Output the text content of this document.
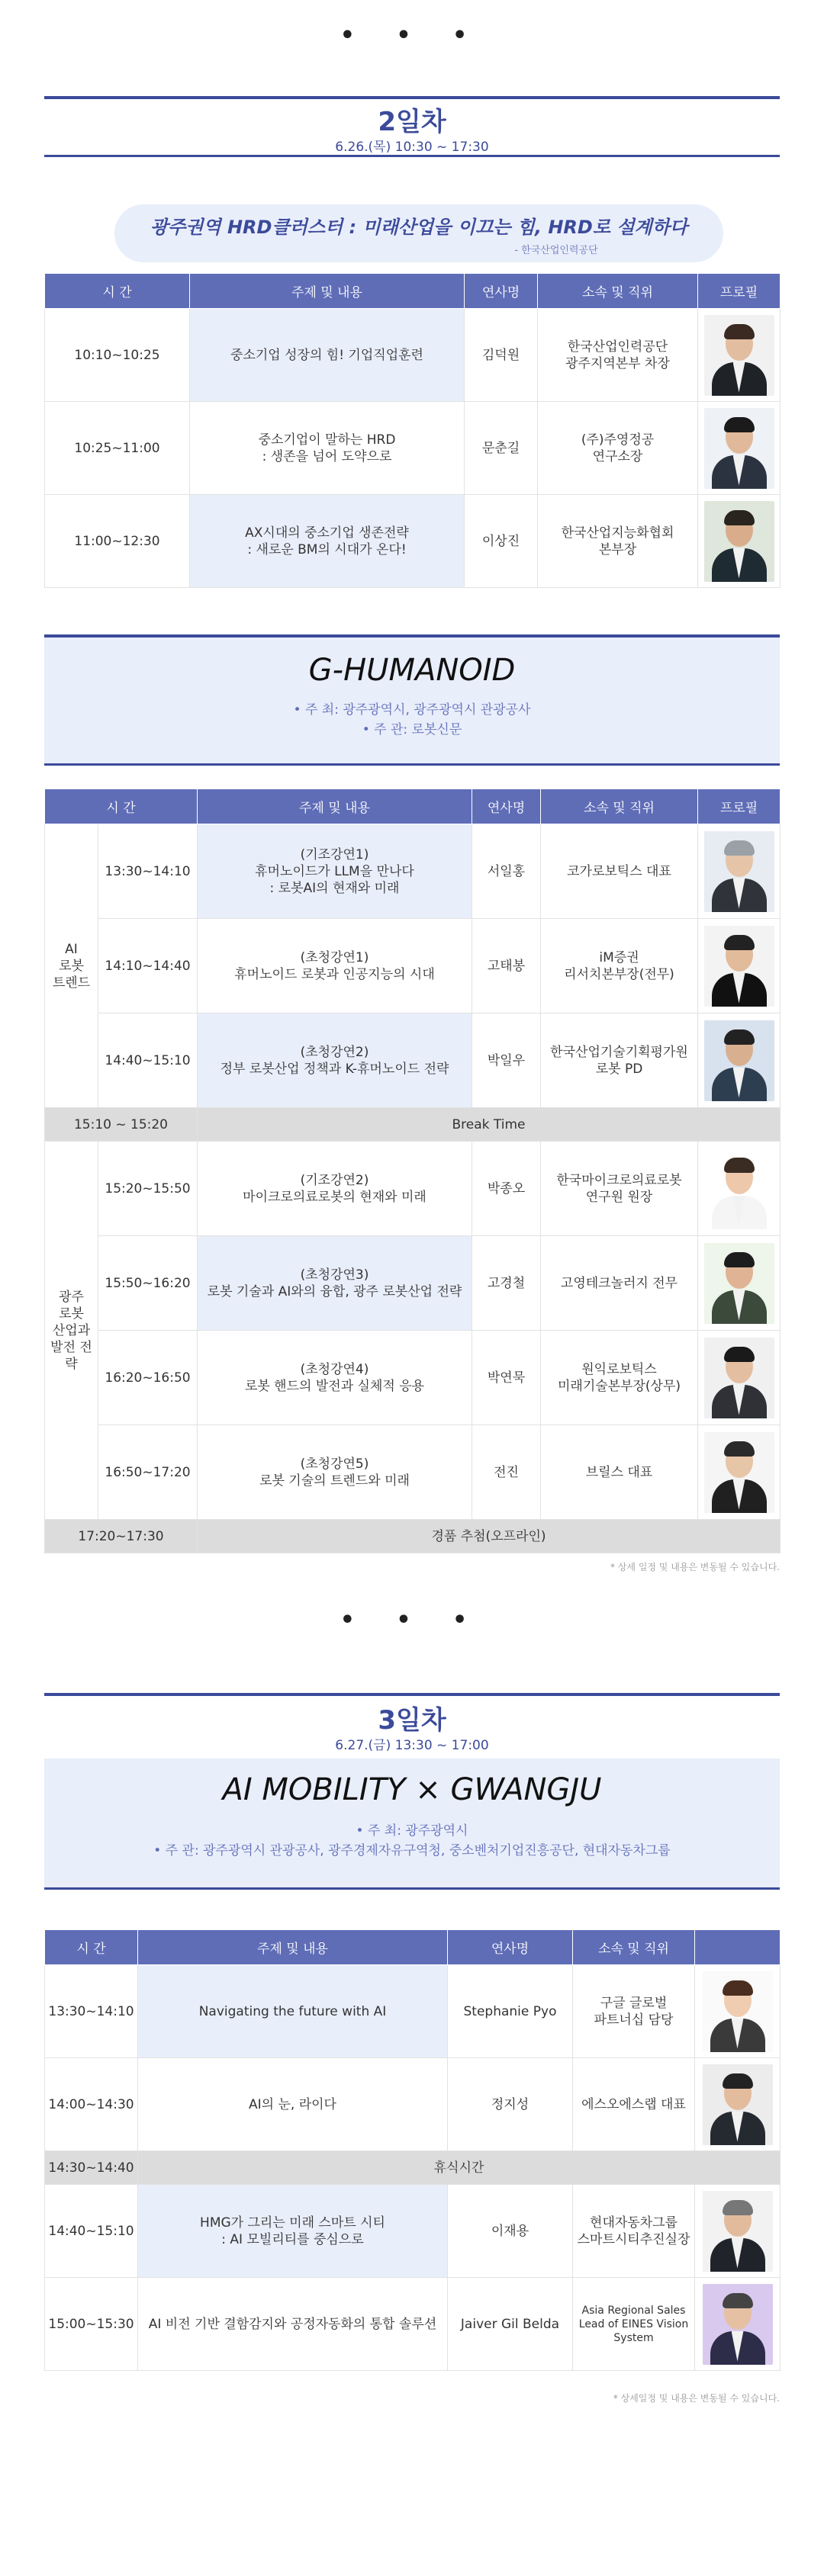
• • •
2일차
6.26.(목) 10:30 ~ 17:30
광주권역 HRD클러스터 : 미래산업을 이끄는 힘, HRD로 설계하다
- 한국산업인력공단
시 간	주제 및 내용	연사명	소속 및 직위	프로필
10:10~10:25	중소기업 성장의 힘! 기업직업훈련	김덕원	한국산업인력공단
광주지역본부 차장	

10:25~11:00	중소기업이 말하는 HRD
: 생존을 넘어 도약으로	문춘길	(주)주영정공
연구소장	

11:00~12:30	AX시대의 중소기업 생존전략
: 새로운 BM의 시대가 온다!	이상진	한국산업지능화협회
본부장	
G-HUMANOID
• 주 최: 광주광역시, 광주광역시 관광공사
• 주 관: 로봇신문
시 간		주제 및 내용	연사명	소속 및 직위	프로필
AI
로봇
트렌드	13:30~14:10	(기조강연1)
휴머노이드가 LLM을 만나다
: 로봇AI의 현재와 미래	서일홍	코가로보틱스 대표	

	14:10~14:40	(초청강연1)
휴머노이드 로봇과 인공지능의 시대	고태봉	iM증권
리서치본부장(전무)	

	14:40~15:10	(초청강연2)
정부 로봇산업 정책과 K-휴머노이드 전략	박일우	한국산업기술기획평가원
로봇 PD	

15:10 ~ 15:20		Break Time			
광주
로봇
산업과
발전 전
략	15:20~15:50	(기조강연2)
마이크로의료로봇의 현재와 미래	박종오	한국마이크로의료로봇
연구원 원장	

	15:50~16:20	(초청강연3)
로봇 기술과 AI와의 융합, 광주 로봇산업 전략	고경철	고영테크놀러지 전무	

	16:20~16:50	(초청강연4)
로봇 핸드의 발전과 실체적 응용	박연묵	원익로보틱스
미래기술본부장(상무)	

	16:50~17:20	(초청강연5)
로봇 기술의 트렌드와 미래	전진	브릴스 대표	

17:20~17:30		경품 추첨(오프라인)			
* 상세 일정 및 내용은 변동될 수 있습니다.
• • •
3일차
6.27.(금) 13:30 ~ 17:00
AI MOBILITY × GWANGJU
• 주 최: 광주광역시
• 주 관: 광주광역시 관광공사, 광주경제자유구역청, 중소벤처기업진흥공단, 현대자동차그룹
시 간	주제 및 내용	연사명	소속 및 직위	
13:30~14:10	Navigating the future with AI	Stephanie Pyo	구글 글로벌
파트너십 담당	

14:00~14:30	AI의 눈, 라이다	정지성	에스오에스랩 대표	

14:30~14:40	휴식시간			
14:40~15:10	HMG가 그리는 미래 스마트 시티
: AI 모빌리티를 중심으로	이재용	현대자동차그룹
스마트시티추진실장	

15:00~15:30	AI 비전 기반 결함감지와 공정자동화의 통합 솔루션	Jaiver Gil Belda	Asia Regional Sales
Lead of EINES Vision
System	
* 상세일정 및 내용은 변동될 수 있습니다.
